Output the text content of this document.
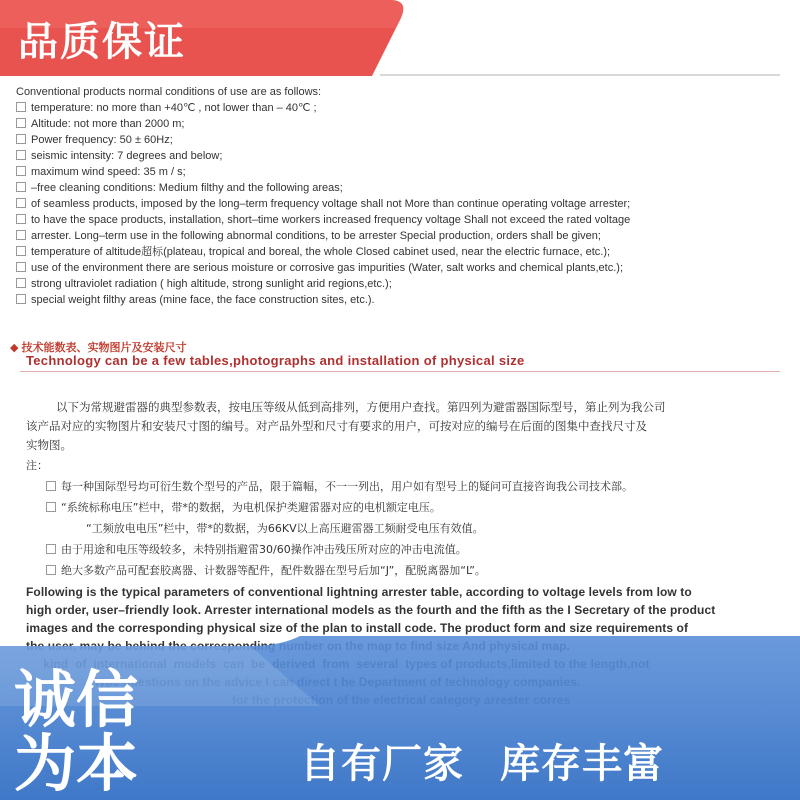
品质保证
Conventional products normal conditions of use are as follows:
temperature: no more than +40℃ , not lower than – 40℃ ;
Altitude: not more than 2000 m;
Power frequency: 50 ± 60Hz;
seismic intensity: 7 degrees and below;
maximum wind speed: 35 m / s;
–free cleaning conditions: Medium filthy and the following areas;
of seamless products, imposed by the long–term frequency voltage shall not More than continue operating voltage arrester;
to have the space products, installation, short–time workers increased frequency voltage Shall not exceed the rated voltage
arrester. Long–term use in the following abnormal conditions, to be arrester Special production, orders shall be given;
temperature of altitude超标(plateau, tropical and boreal, the whole Closed cabinet used, near the electric furnace, etc.);
use of the environment there are serious moisture or corrosive gas impurities (Water, salt works and chemical plants,etc.);
strong ultraviolet radiation ( high altitude, strong sunlight arid regions,etc.);
special weight filthy areas (mine face, the face construction sites, etc.).
◆ 技术能数表、实物图片及安装尺寸
Technology can be a few tables,photographs and installation of physical size
以下为常规避雷器的典型参数表，按电压等级从低到高排列，方便用户查找。第四列为避雷器国际型号，第止列为我公司
该产品对应的实物图片和安装尺寸图的编号。对产品外型和尺寸有要求的用户，可按对应的编号在后面的图集中查找尺寸及
实物图。
注：
每一种国际型号均可衍生数个型号的产品，限于篇幅，不一一列出，用户如有型号上的疑问可直接咨询我公司技术部。
“系统标称电压”栏中，带*的数据，为电机保护类避雷器对应的电机额定电压。
“工频放电电压”栏中，带*的数据，为66KV以上高压避雷器工频耐受电压有效值。
由于用途和电压等级较多，未特别指避雷30/60操作冲击残压所对应的冲击电流值。
绝大多数产品可配套胶离器、计数器等配件，配件数器在型号后加“J”，配脱离器加“L”。
Following is the typical parameters of conventional lightning arrester table, according to voltage levels from low to
high order, user–friendly look. Arrester international models as the fourth and the fifth as the I Secretary of the product
images and the corresponding physical size of the plan to install code. The product form and size requirements of
诚信
为本	自有厂家 库存丰富
